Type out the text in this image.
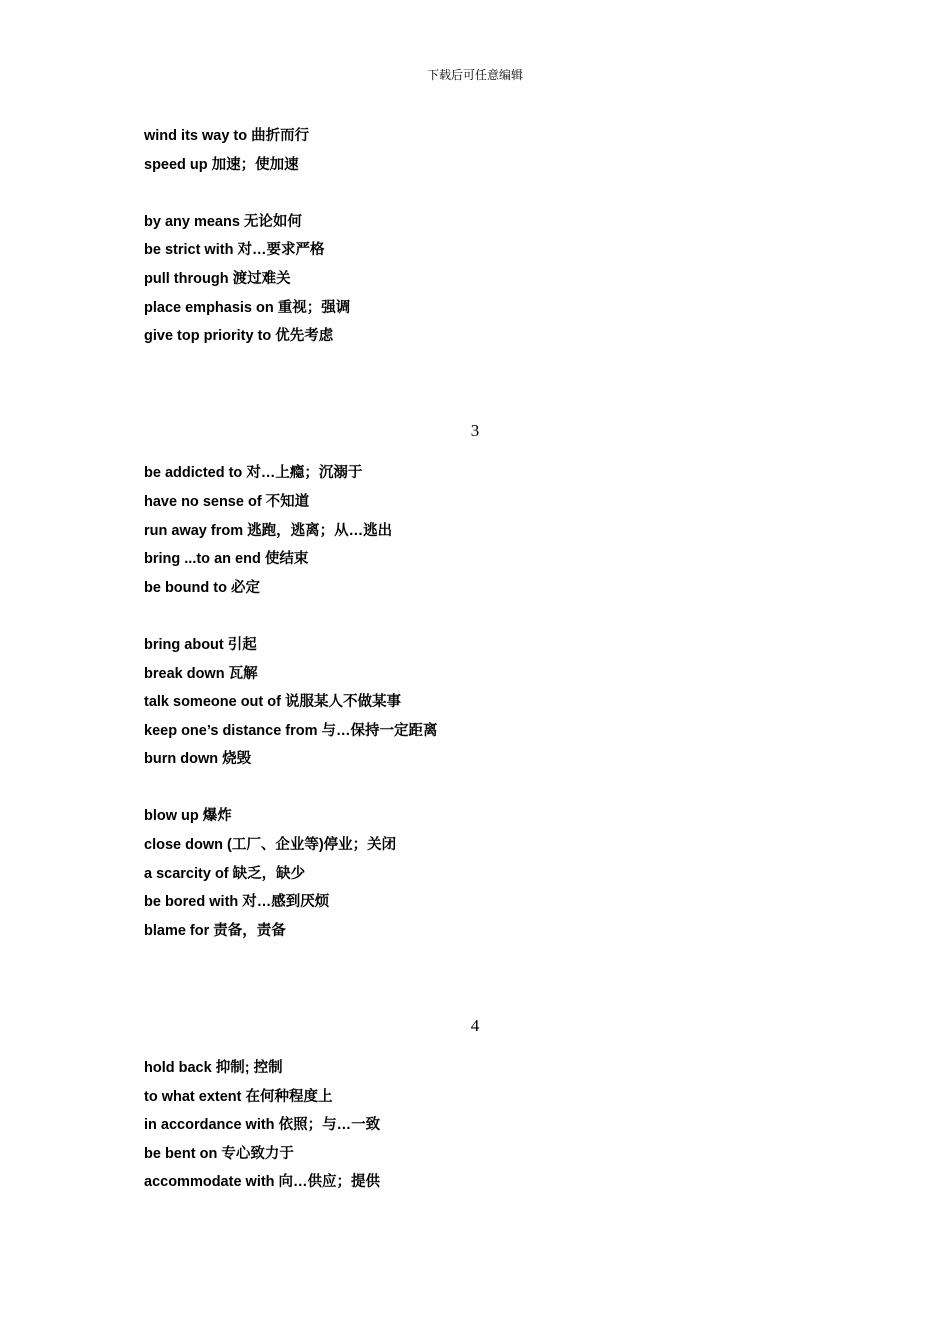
下载后可任意编辑
wind its way to 曲折而行
speed up 加速；使加速
by any means 无论如何
be strict with 对…要求严格
pull through 渡过难关
place emphasis on 重视；强调
give top priority to 优先考虑
3
be addicted to 对…上瘾；沉溺于
have no sense of 不知道
run away from 逃跑，逃离；从…逃出
bring ...to an end 使结束
be bound to 必定
bring about 引起
break down 瓦解
talk someone out of 说服某人不做某事
keep one’s distance from 与…保持一定距离
burn down 烧毁
blow up 爆炸
close down (工厂、企业等)停业；关闭
a scarcity of 缺乏，缺少
be bored with 对…感到厌烦
blame for 责备，责备
4
hold back 抑制; 控制
to what extent 在何种程度上
in accordance with 依照；与…一致
be bent on 专心致力于
accommodate with 向…供应；提供
